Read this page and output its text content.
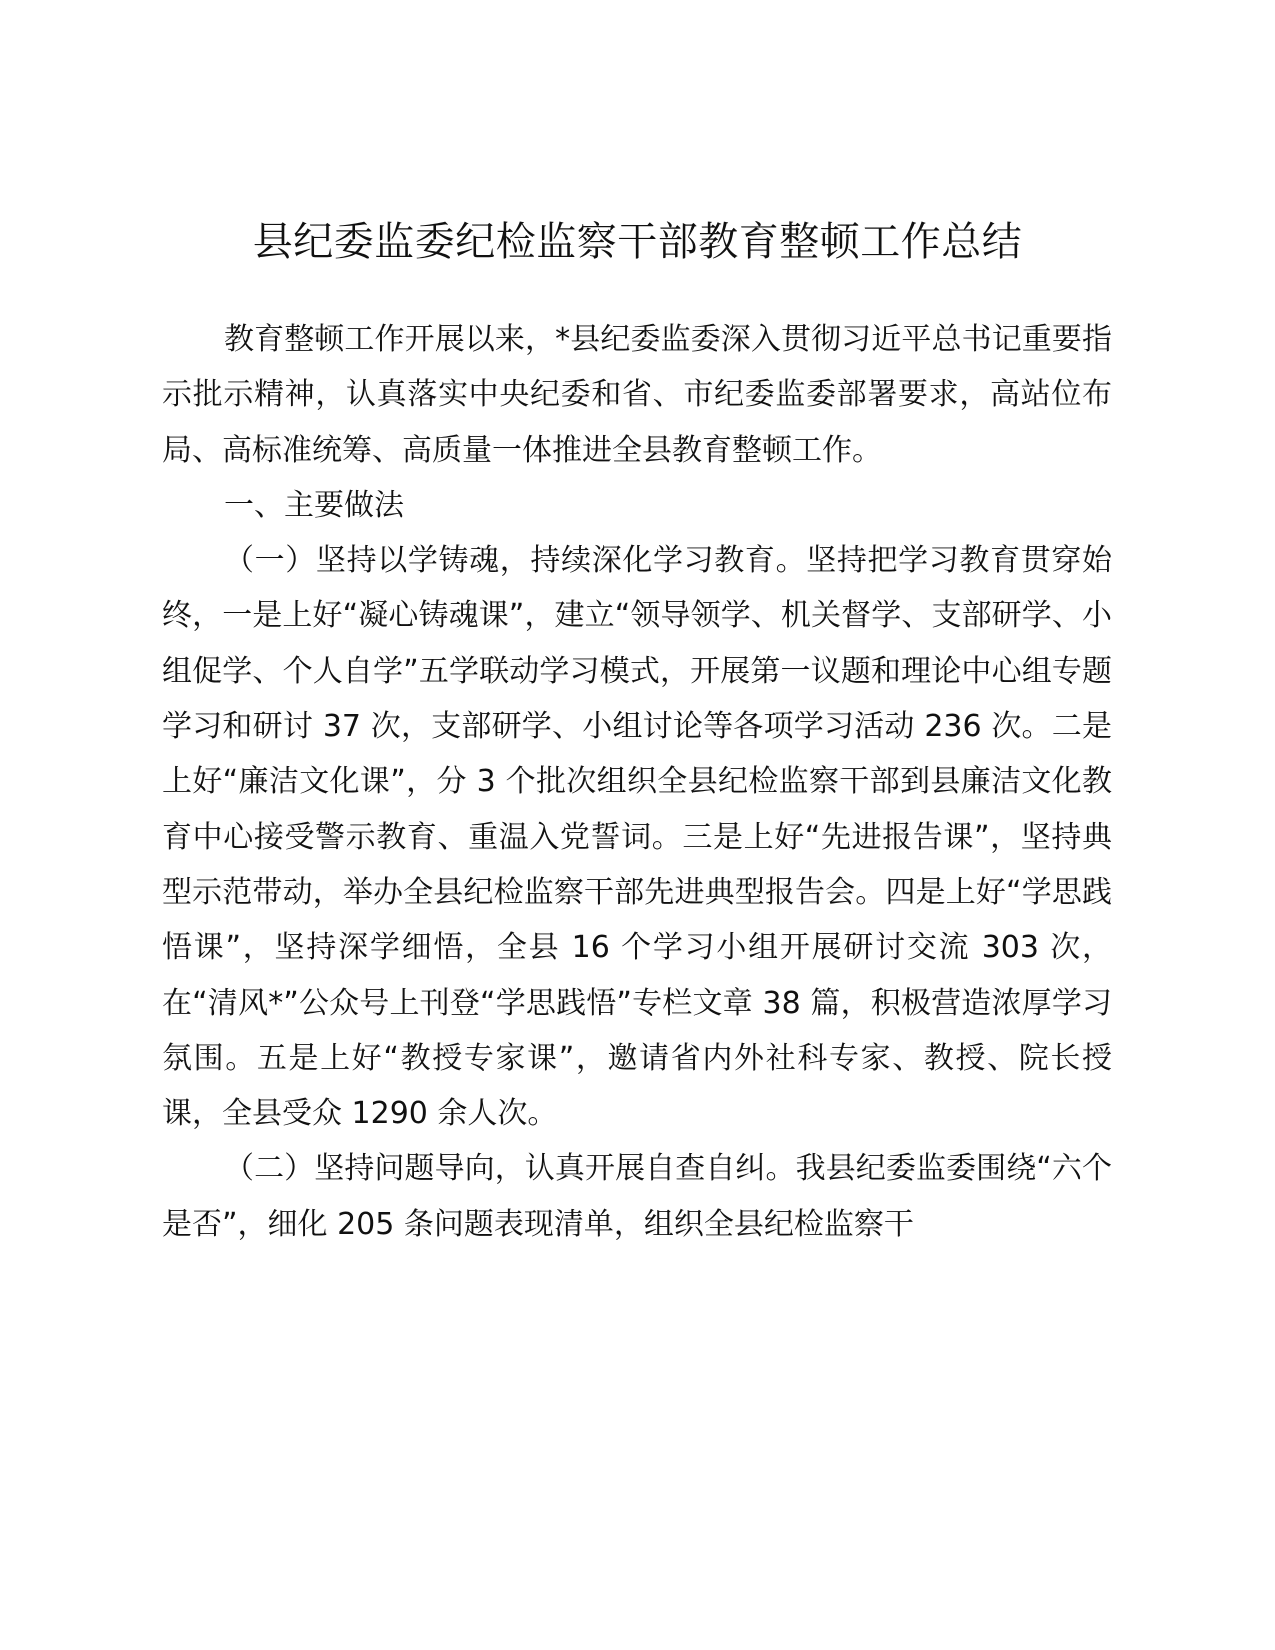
县纪委监委纪检监察干部教育整顿工作总结

教育整顿工作开展以来，*县纪委监委深入贯彻习近平总书记重要指示批示精神，认真落实中央纪委和省、市纪委监委部署要求，高站位布局、高标准统筹、高质量一体推进全县教育整顿工作。

一、主要做法

（一）坚持以学铸魂，持续深化学习教育。坚持把学习教育贯穿始终，一是上好“凝心铸魂课”，建立“领导领学、机关督学、支部研学、小组促学、个人自学”五学联动学习模式，开展第一议题和理论中心组专题学习和研讨 37 次，支部研学、小组讨论等各项学习活动 236 次。二是上好“廉洁文化课”，分 3 个批次组织全县纪检监察干部到县廉洁文化教育中心接受警示教育、重温入党誓词。三是上好“先进报告课”，坚持典型示范带动，举办全县纪检监察干部先进典型报告会。四是上好“学思践悟课”，坚持深学细悟，全县 16 个学习小组开展研讨交流 303 次，在“清风*”公众号上刊登“学思践悟”专栏文章 38 篇，积极营造浓厚学习氛围。五是上好“教授专家课”，邀请省内外社科专家、教授、院长授课，全县受众 1290 余人次。

（二）坚持问题导向，认真开展自查自纠。我县纪委监委围绕“六个是否”，细化 205 条问题表现清单，组织全县纪检监察干
